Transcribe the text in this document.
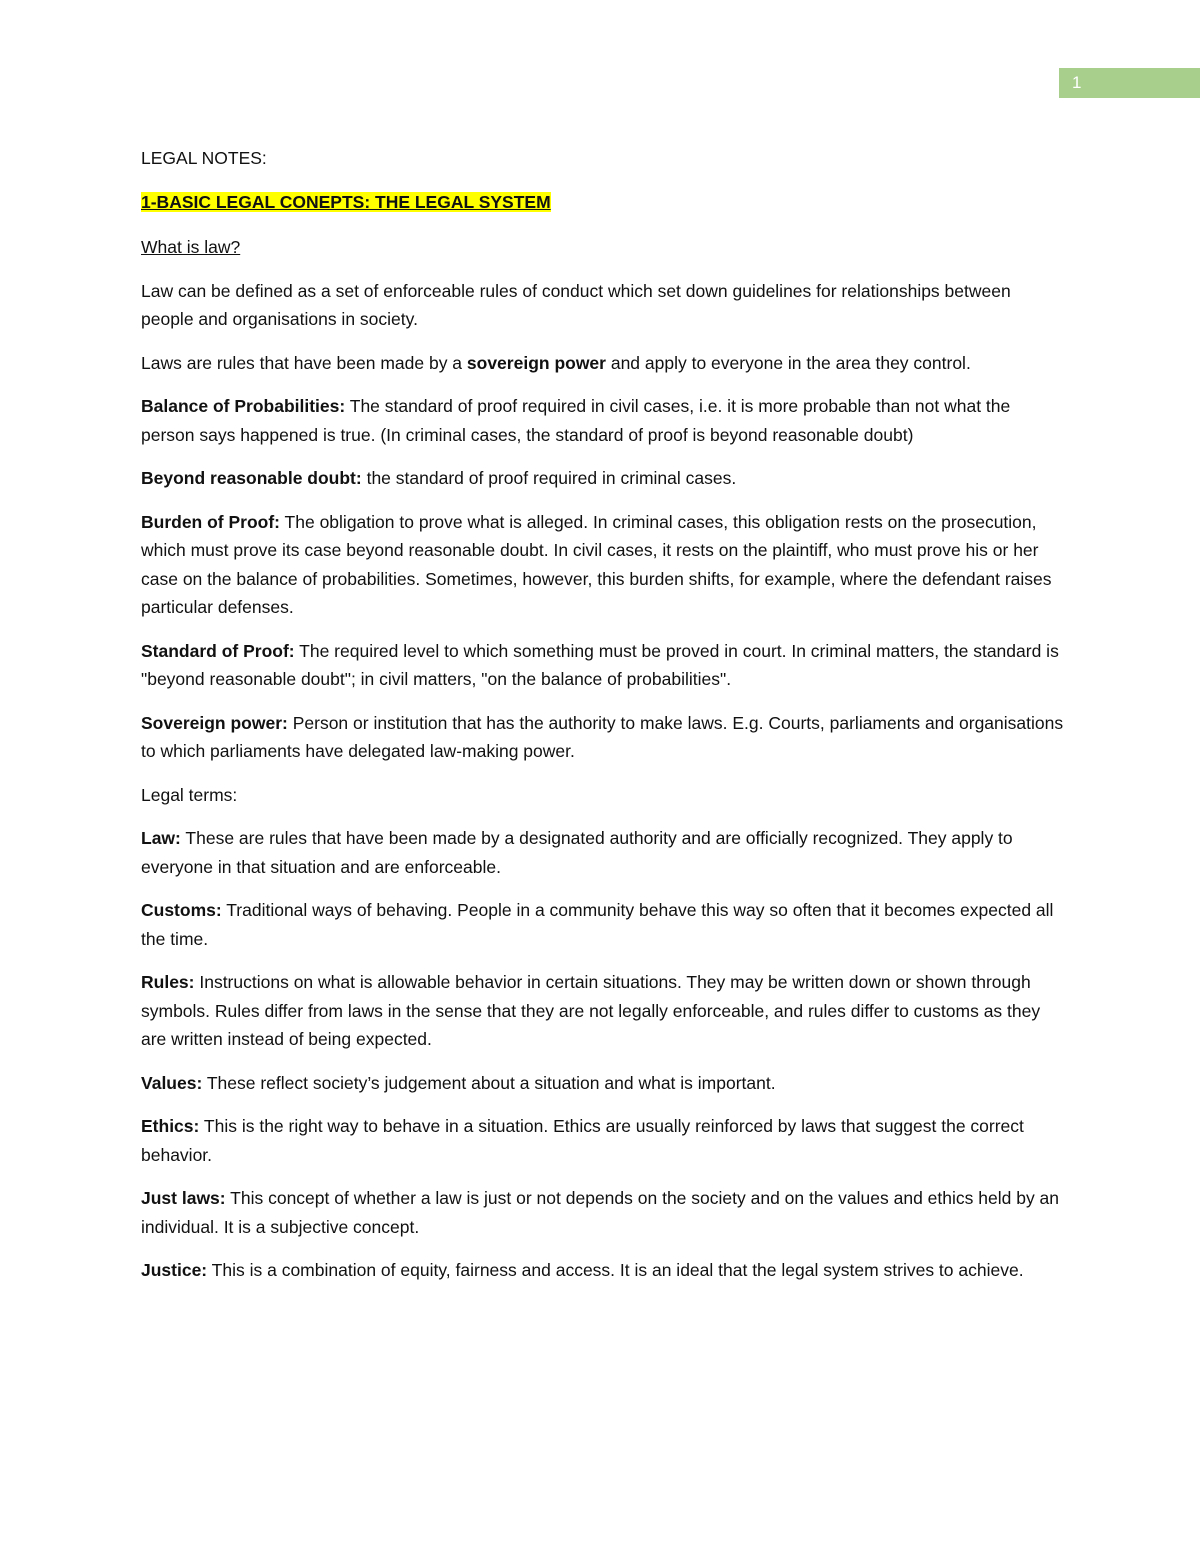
1

LEGAL NOTES:

1-BASIC LEGAL CONEPTS: THE LEGAL SYSTEM

What is law?

Law can be defined as a set of enforceable rules of conduct which set down guidelines for relationships between people and organisations in society.

Laws are rules that have been made by a sovereign power and apply to everyone in the area they control.

Balance of Probabilities: The standard of proof required in civil cases, i.e. it is more probable than not what the person says happened is true. (In criminal cases, the standard of proof is beyond reasonable doubt)

Beyond reasonable doubt: the standard of proof required in criminal cases.

Burden of Proof: The obligation to prove what is alleged. In criminal cases, this obligation rests on the prosecution, which must prove its case beyond reasonable doubt. In civil cases, it rests on the plaintiff, who must prove his or her case on the balance of probabilities. Sometimes, however, this burden shifts, for example, where the defendant raises particular defenses.

Standard of Proof: The required level to which something must be proved in court. In criminal matters, the standard is "beyond reasonable doubt"; in civil matters, "on the balance of probabilities".

Sovereign power: Person or institution that has the authority to make laws. E.g. Courts, parliaments and organisations to which parliaments have delegated law-making power.

Legal terms:

Law: These are rules that have been made by a designated authority and are officially recognized. They apply to everyone in that situation and are enforceable.

Customs: Traditional ways of behaving. People in a community behave this way so often that it becomes expected all the time.

Rules: Instructions on what is allowable behavior in certain situations. They may be written down or shown through symbols. Rules differ from laws in the sense that they are not legally enforceable, and rules differ to customs as they are written instead of being expected.

Values: These reflect society’s judgement about a situation and what is important.

Ethics: This is the right way to behave in a situation. Ethics are usually reinforced by laws that suggest the correct behavior.

Just laws: This concept of whether a law is just or not depends on the society and on the values and ethics held by an individual. It is a subjective concept.

Justice: This is a combination of equity, fairness and access. It is an ideal that the legal system strives to achieve.
